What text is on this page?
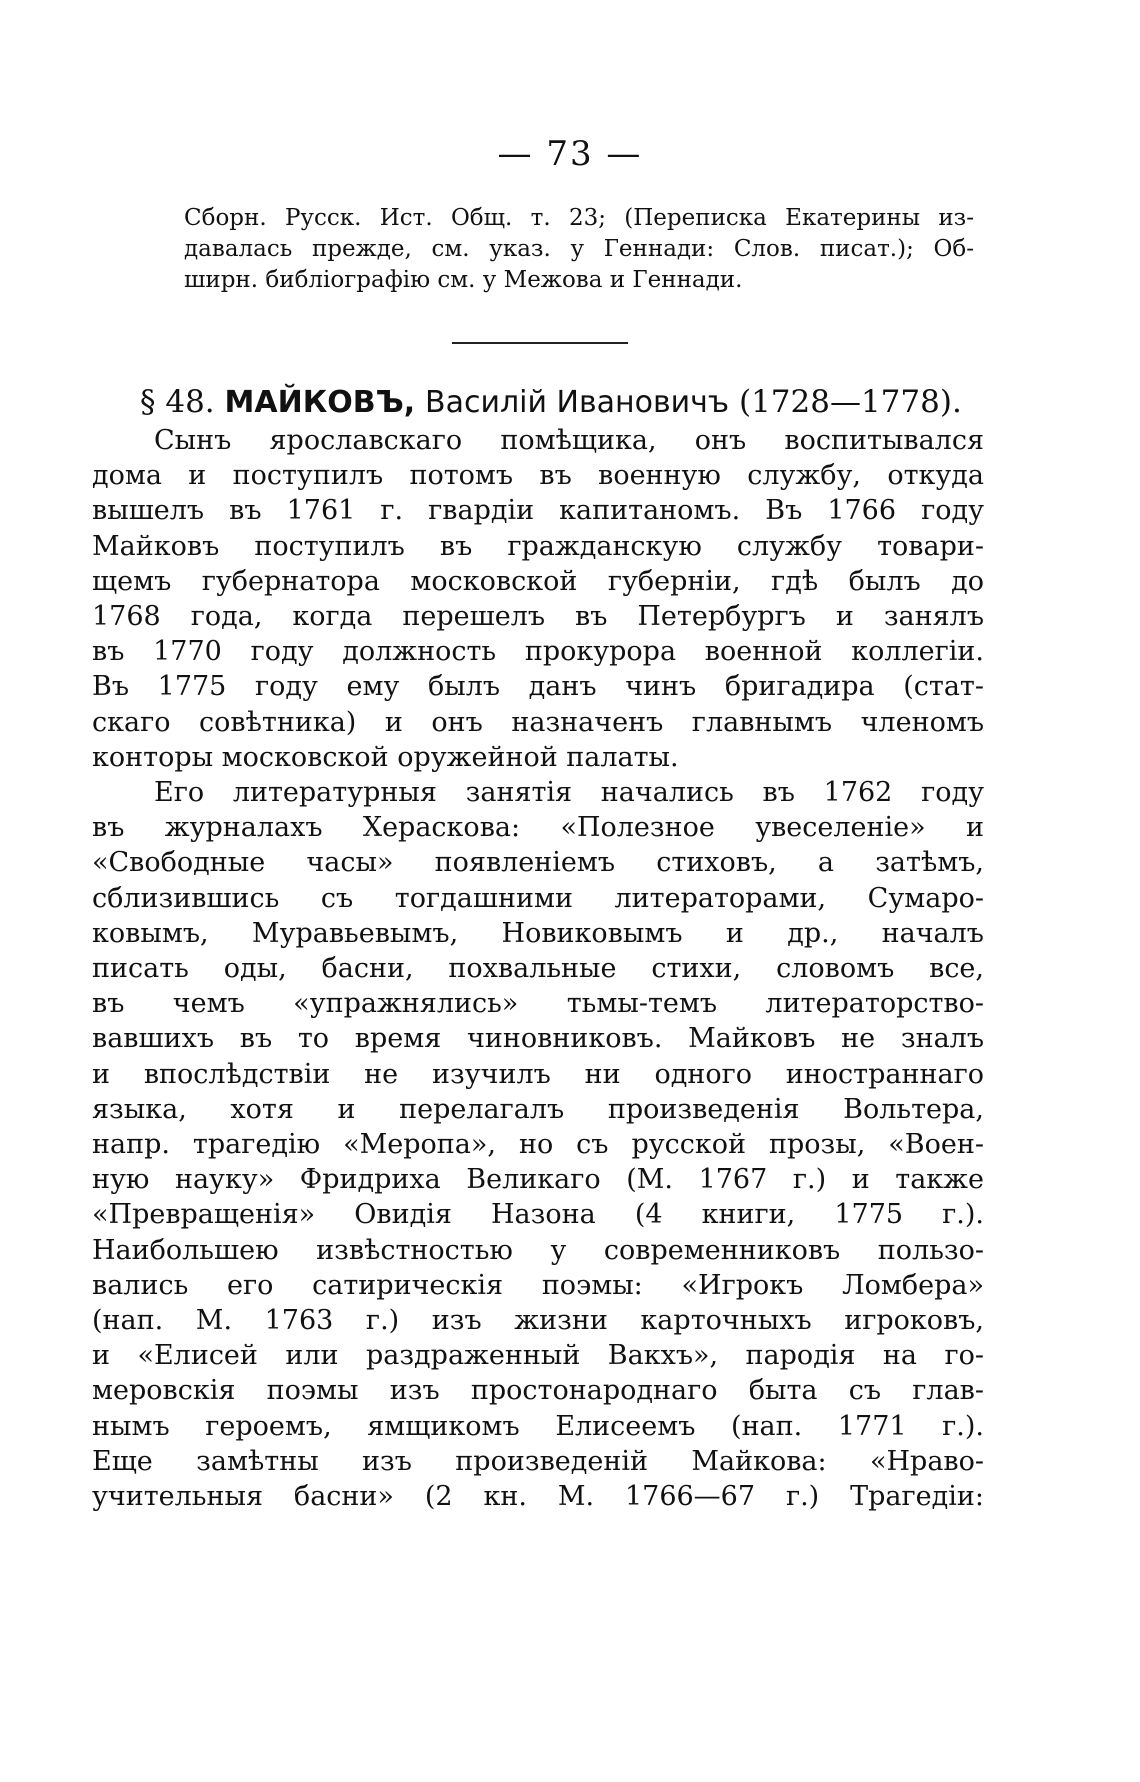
— 73 —
Сборн. Русск. Ист. Общ. т. 23; (Переписка Екатерины из-
давалась прежде, см. указ. у Геннади: Слов. писат.); Об-
ширн. библіографію см. у Межова и Геннади.
§ 48. МАЙКОВЪ, Василій Ивановичъ (1728—1778).
Сынъ ярославскаго помѣщика, онъ воспитывался
дома и поступилъ потомъ въ военную службу, откуда
вышелъ въ 1761 г. гвардіи капитаномъ. Въ 1766 году
Майковъ поступилъ въ гражданскую службу товари-
щемъ губернатора московской губерніи, гдѣ былъ до
1768 года, когда перешелъ въ Петербургъ и занялъ
въ 1770 году должность прокурора военной коллегіи.
Въ 1775 году ему былъ данъ чинъ бригадира (стат-
скаго совѣтника) и онъ назначенъ главнымъ членомъ
конторы московской оружейной палаты.
Его литературныя занятія начались въ 1762 году
въ журналахъ Хераскова: «Полезное увеселеніе» и
«Свободные часы» появленіемъ стиховъ, а затѣмъ,
сблизившись съ тогдашними литераторами, Сумаро-
ковымъ, Муравьевымъ, Новиковымъ и др., началъ
писать оды, басни, похвальные стихи, словомъ все,
въ чемъ «упражнялись» тьмы-темъ литераторство-
вавшихъ въ то время чиновниковъ. Майковъ не зналъ
и впослѣдствіи не изучилъ ни одного иностраннаго
языка, хотя и перелагалъ произведенія Вольтера,
напр. трагедію «Меропа», но съ русской прозы, «Воен-
ную науку» Фридриха Великаго (М. 1767 г.) и также
«Превращенія» Овидія Назона (4 книги, 1775 г.).
Наибольшею извѣстностью у современниковъ пользо-
вались его сатирическія поэмы: «Игрокъ Ломбера»
(нап. М. 1763 г.) изъ жизни карточныхъ игроковъ,
и «Елисей или раздраженный Вакхъ», пародія на го-
меровскія поэмы изъ простонароднаго быта съ глав-
нымъ героемъ, ямщикомъ Елисеемъ (нап. 1771 г.).
Еще замѣтны изъ произведеній Майкова: «Нраво-
учительныя басни» (2 кн. М. 1766—67 г.) Трагедіи:
